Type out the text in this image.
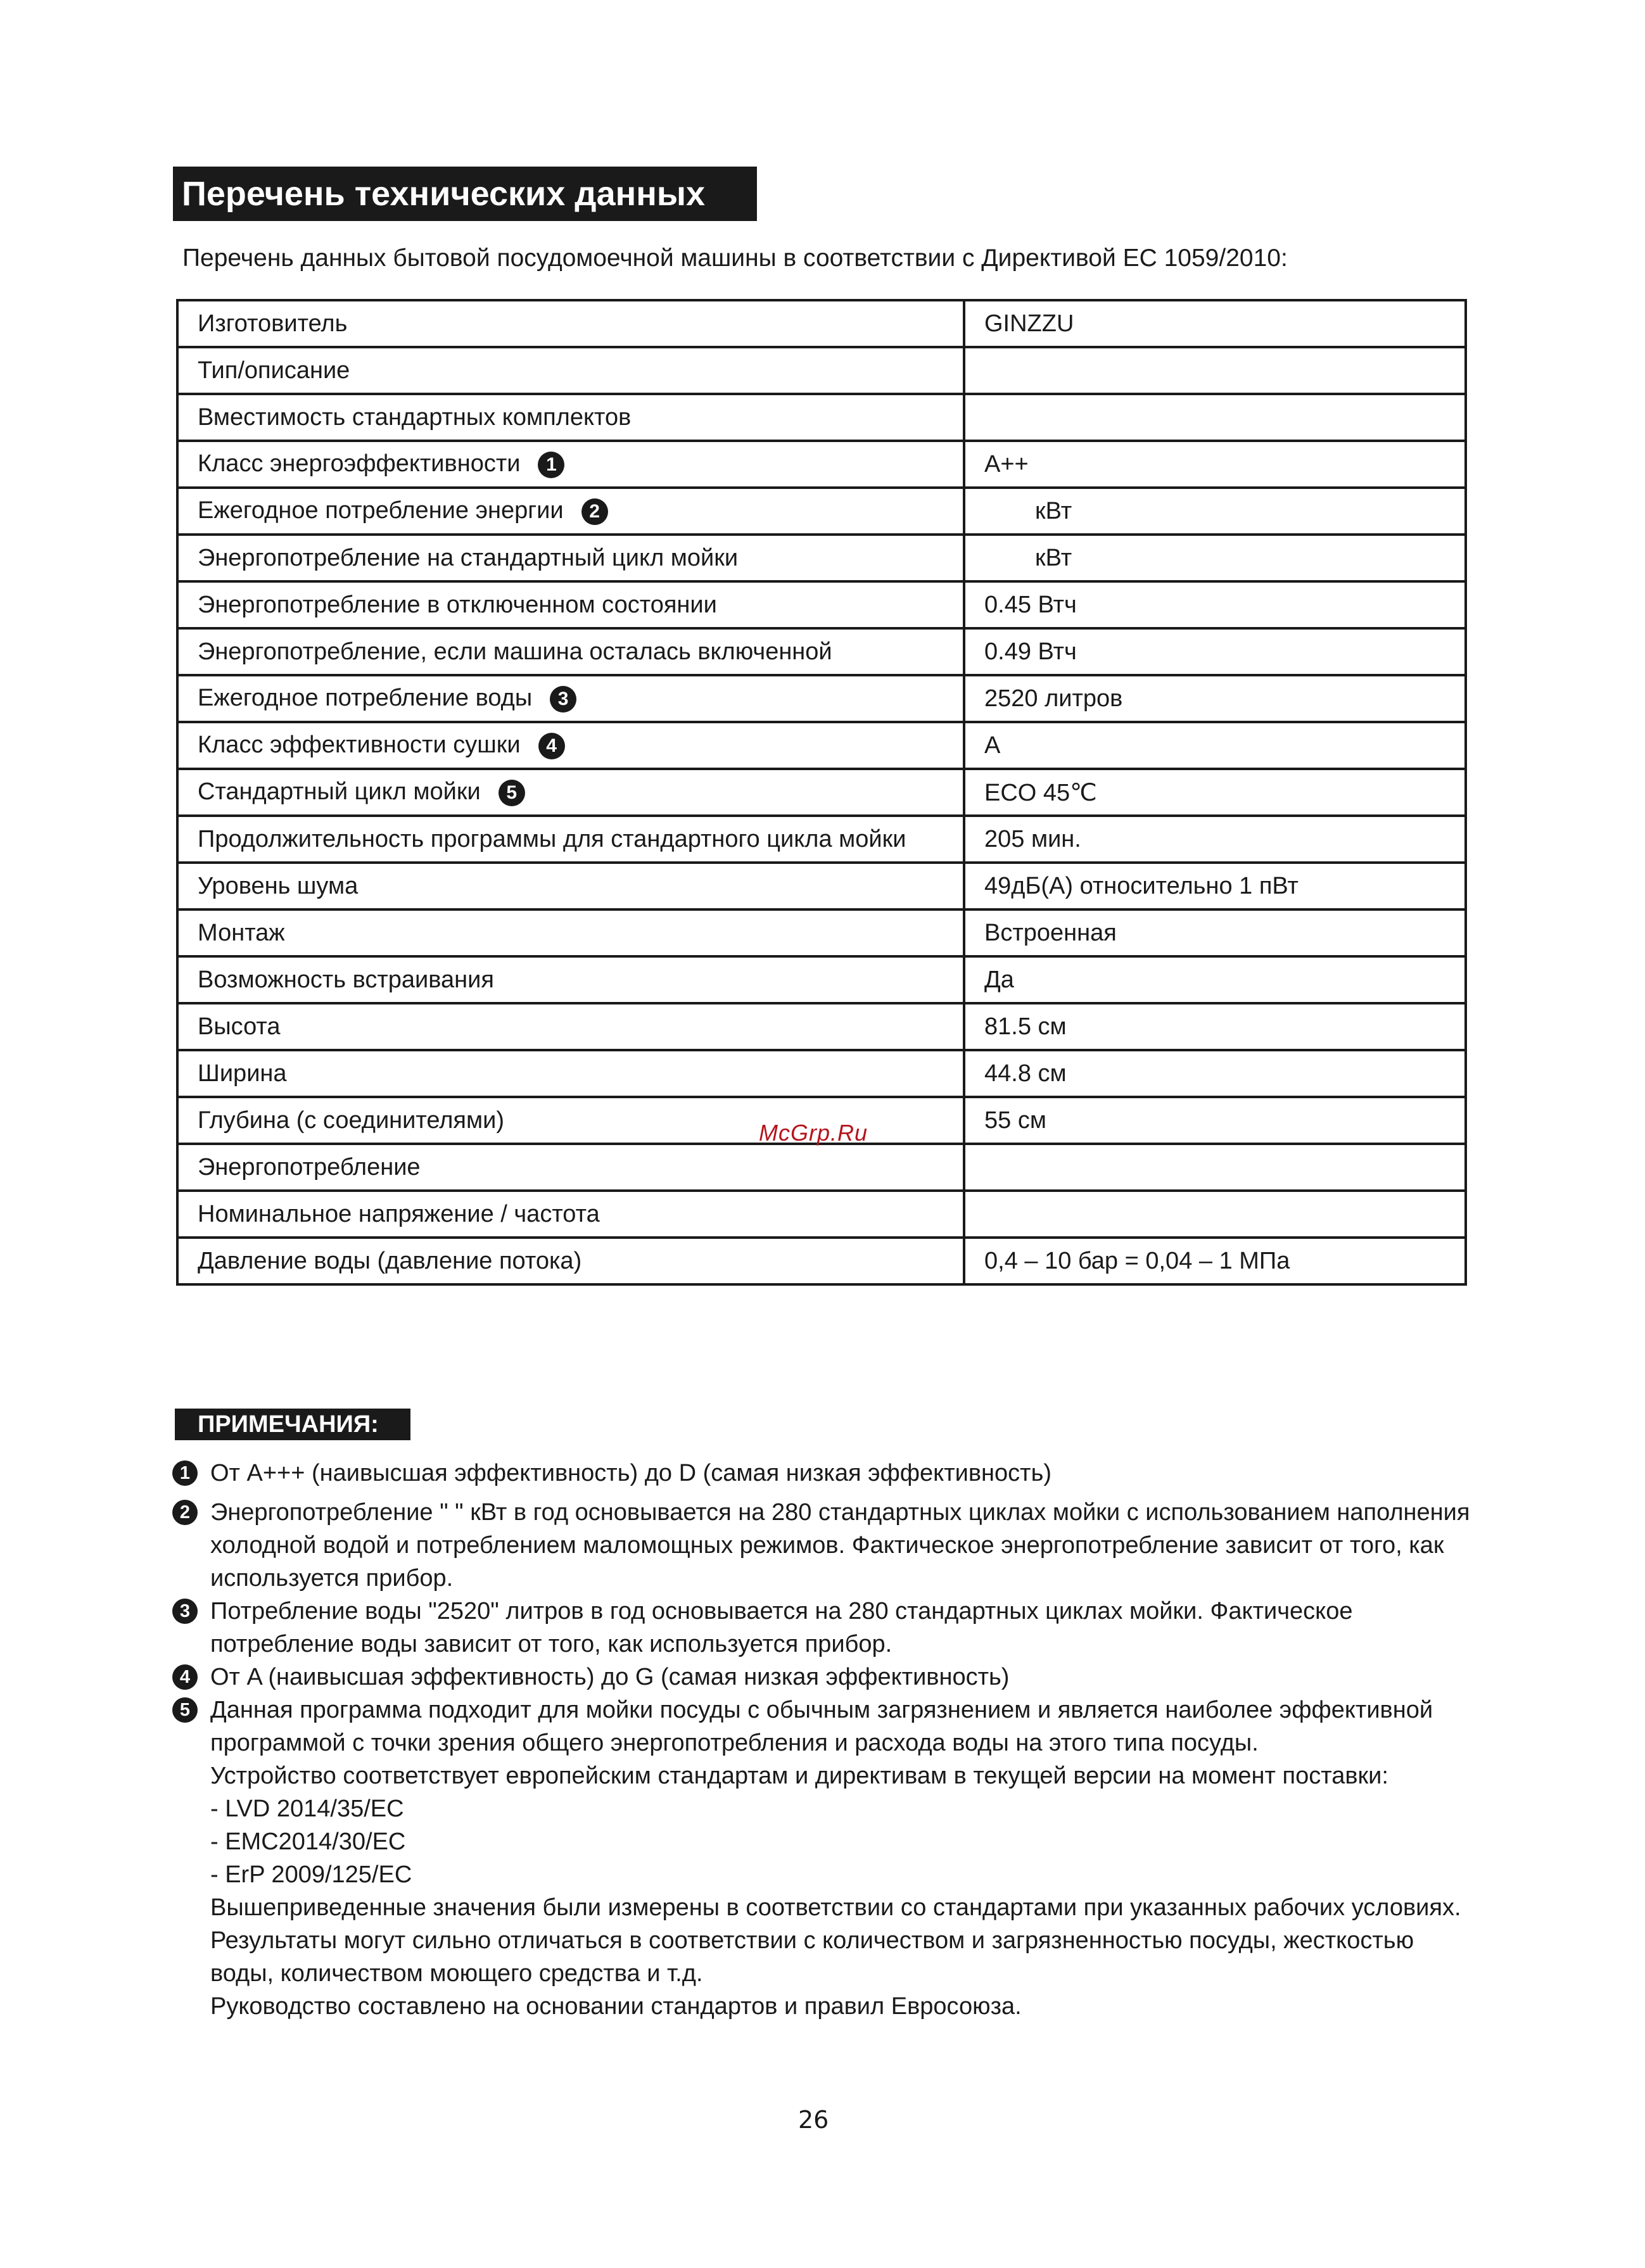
Перечень технических данных
Перечень данных бытовой посудомоечной машины в соответствии с Директивой ЕС 1059/2010:
Изготовитель	GINZZU
Тип/описание	
Вместимость стандартных комплектов	
Класс энергоэффективности 1	A++
Ежегодное потребление энергии 2	кВт
Энергопотребление на стандартный цикл мойки	кВт
Энергопотребление в отключенном состоянии	0.45 Втч
Энергопотребление, если машина осталась включенной	0.49 Втч
Ежегодное потребление воды 3	2520 литров
Класс эффективности сушки 4	A
Стандартный цикл мойки 5	ECO 45℃
Продолжительность программы для стандартного цикла мойки	205 мин.
Уровень шума	49дБ(A) относительно 1 пВт
Монтаж	Встроенная
Возможность встраивания	Да
Высота	81.5 см
Ширина	44.8 см
Глубина (с соединителями)	55 см
Энергопотребление	
Номинальное напряжение / частота	
Давление воды (давление потока)	0,4 – 10 бар = 0,04 – 1 МПа
McGrp.Ru
ПРИМЕЧАНИЯ:
1 От A+++ (наивысшая эффективность) до D (самая низкая эффективность)
2 Энергопотребление " " кВт в год основывается на 280 стандартных циклах мойки с использованием наполнения холодной водой и потреблением маломощных режимов. Фактическое энергопотребление зависит от того, как используется прибор.
3 Потребление воды "2520" литров в год основывается на 280 стандартных циклах мойки. Фактическое потребление воды зависит от того, как используется прибор.
4 От A (наивысшая эффективность) до G (самая низкая эффективность)
5 Данная программа подходит для мойки посуды с обычным загрязнением и является наиболее эффективной программой с точки зрения общего энергопотребления и расхода воды на этого типа посуды.
Устройство соответствует европейским стандартам и директивам в текущей версии на момент поставки:
- LVD 2014/35/EC
- EMC2014/30/EC
- ErP 2009/125/EC
Вышеприведенные значения были измерены в соответствии со стандартами при указанных рабочих условиях. Результаты могут сильно отличаться в соответствии с количеством и загрязненностью посуды, жесткостью воды, количеством моющего средства и т.д.
Руководство составлено на основании стандартов и правил Евросоюза.
26
